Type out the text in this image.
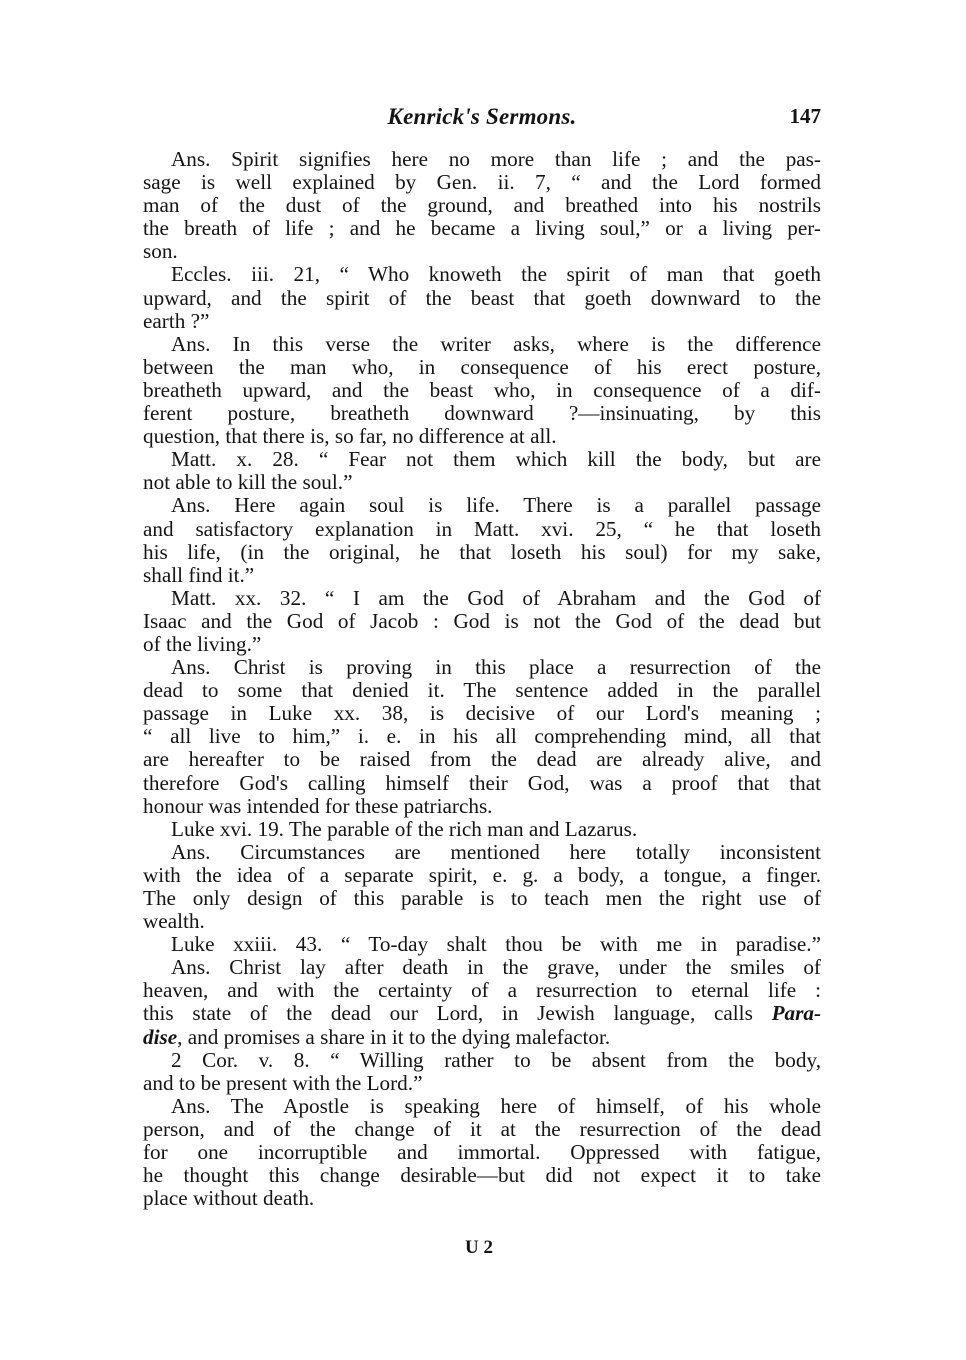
Kenrick's Sermons.	147
Ans. Spirit signifies here no more than life ; and the pas-
sage is well explained by Gen. ii. 7, “ and the Lord formed
man of the dust of the ground, and breathed into his nostrils
the breath of life ; and he became a living soul,” or a living per-
son.
Eccles. iii. 21, “ Who knoweth the spirit of man that goeth
upward, and the spirit of the beast that goeth downward to the
earth ?”
Ans. In this verse the writer asks, where is the difference
between the man who, in consequence of his erect posture,
breatheth upward, and the beast who, in consequence of a dif-
ferent posture, breatheth downward ?—insinuating, by this
question, that there is, so far, no difference at all.
Matt. x. 28. “ Fear not them which kill the body, but are
not able to kill the soul.”
Ans. Here again soul is life. There is a parallel passage
and satisfactory explanation in Matt. xvi. 25, “ he that loseth
his life, (in the original, he that loseth his soul) for my sake,
shall find it.”
Matt. xx. 32. “ I am the God of Abraham and the God of
Isaac and the God of Jacob : God is not the God of the dead but
of the living.”
Ans. Christ is proving in this place a resurrection of the
dead to some that denied it. The sentence added in the parallel
passage in Luke xx. 38, is decisive of our Lord's meaning ;
“ all live to him,” i. e. in his all comprehending mind, all that
are hereafter to be raised from the dead are already alive, and
therefore God's calling himself their God, was a proof that that
honour was intended for these patriarchs.
Luke xvi. 19. The parable of the rich man and Lazarus.
Ans. Circumstances are mentioned here totally inconsistent
with the idea of a separate spirit, e. g. a body, a tongue, a finger.
The only design of this parable is to teach men the right use of
wealth.
Luke xxiii. 43. “ To-day shalt thou be with me in paradise.”
Ans. Christ lay after death in the grave, under the smiles of
heaven, and with the certainty of a resurrection to eternal life :
this state of the dead our Lord, in Jewish language, calls Para-
dise, and promises a share in it to the dying malefactor.
2 Cor. v. 8. “ Willing rather to be absent from the body,
and to be present with the Lord.”
Ans. The Apostle is speaking here of himself, of his whole
person, and of the change of it at the resurrection of the dead
for one incorruptible and immortal. Oppressed with fatigue,
he thought this change desirable—but did not expect it to take
place without death.
U 2
